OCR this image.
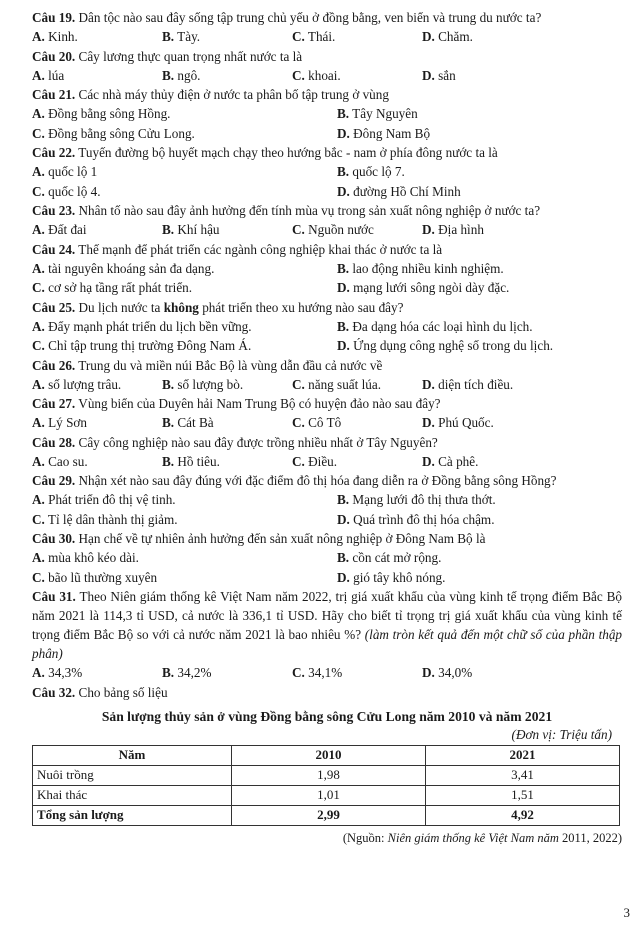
Câu 19. Dân tộc nào sau đây sống tập trung chủ yếu ở đồng bằng, ven biển và trung du nước ta?

A. Kinh.	B. Tày.	C. Thái.	D. Chăm.

Câu 20. Cây lương thực quan trọng nhất nước ta là

A. lúa	B. ngô.	C. khoai.	D. sắn

Câu 21. Các nhà máy thủy điện ở nước ta phân bố tập trung ở vùng

A. Đồng bằng sông Hồng.	B. Tây Nguyên
C. Đồng bằng sông Cửu Long.	D. Đông Nam Bộ

Câu 22. Tuyến đường bộ huyết mạch chạy theo hướng bắc - nam ở phía đông nước ta là

A. quốc lộ 1	B. quốc lộ 7.
C. quốc lộ 4.	D. đường Hồ Chí Minh

Câu 23. Nhân tố nào sau đây ảnh hưởng đến tính mùa vụ trong sản xuất nông nghiệp ở nước ta?

A. Đất đai	B. Khí hậu	C. Nguồn nước	D. Địa hình

Câu 24. Thế mạnh để phát triển các ngành công nghiệp khai thác ở nước ta là

A. tài nguyên khoáng sản đa dạng.	B. lao động nhiều kinh nghiệm.
C. cơ sở hạ tầng rất phát triển.	D. mạng lưới sông ngòi dày đặc.

Câu 25. Du lịch nước ta không phát triển theo xu hướng nào sau đây?

A. Đẩy mạnh phát triển du lịch bền vững.	B. Đa dạng hóa các loại hình du lịch.
C. Chỉ tập trung thị trường Đông Nam Á.	D. Ứng dụng công nghệ số trong du lịch.

Câu 26. Trung du và miền núi Bắc Bộ là vùng dẫn đầu cả nước về

A. số lượng trâu.	B. số lượng bò.	C. năng suất lúa.	D. diện tích điều.

Câu 27. Vùng biển của Duyên hải Nam Trung Bộ có huyện đảo nào sau đây?

A. Lý Sơn	B. Cát Bà	C. Cô Tô	D. Phú Quốc.

Câu 28. Cây công nghiệp nào sau đây được trồng nhiều nhất ở Tây Nguyên?

A. Cao su.	B. Hồ tiêu.	C. Điều.	D. Cà phê.

Câu 29. Nhận xét nào sau đây đúng với đặc điểm đô thị hóa đang diễn ra ở Đồng bằng sông Hồng?

A. Phát triển đô thị vệ tinh.	B. Mạng lưới đô thị thưa thớt.
C. Tỉ lệ dân thành thị giảm.	D. Quá trình đô thị hóa chậm.

Câu 30. Hạn chế về tự nhiên ảnh hưởng đến sản xuất nông nghiệp ở Đông Nam Bộ là

A. mùa khô kéo dài.	B. cồn cát mở rộng.
C. bão lũ thường xuyên	D. gió tây khô nóng.

Câu 31. Theo Niên giám thống kê Việt Nam năm 2022, trị giá xuất khẩu của vùng kinh tế trọng điểm Bắc Bộ năm 2021 là 114,3 tỉ USD, cả nước là 336,1 tỉ USD. Hãy cho biết tỉ trọng trị giá xuất khẩu của vùng kinh tế trọng điểm Bắc Bộ so với cả nước năm 2021 là bao nhiêu %? (làm tròn kết quả đến một chữ số của phần thập phân)

A. 34,3%	B. 34,2%	C. 34,1%	D. 34,0%

Câu 32. Cho bảng số liệu

Sản lượng thủy sản ở vùng Đồng bằng sông Cửu Long năm 2010 và năm 2021
(Đơn vị: Triệu tấn)
Năm	2010	2021
Nuôi trồng	1,98	3,41
Khai thác	1,01	1,51
Tổng sản lượng	2,99	4,92
(Nguồn: Niên giám thống kê Việt Nam năm 2011, 2022)
3
